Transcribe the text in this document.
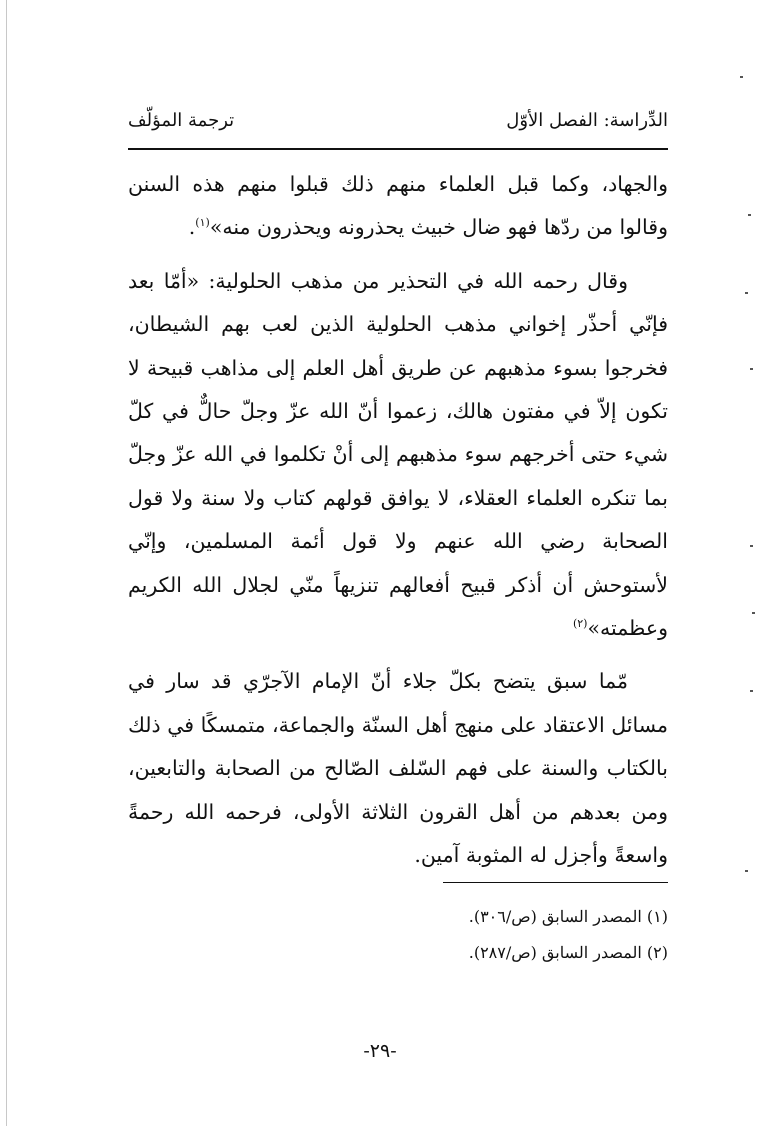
الدِّراسة: الفصل الأوّل
ترجمة المؤلّف

والجهاد، وكما قبل العلماء منهم ذلك قبلوا منهم هذه السنن وقالوا من ردّها فهو ضال خبيث يحذرونه ويحذرون منه»$^{(١)}$.

وقال رحمه الله في التحذير من مذهب الحلولية: «أمّا بعد فإنّي أحذّر إخواني مذهب الحلولية الذين لعب بهم الشيطان، فخرجوا بسوء مذهبهم عن طريق أهل العلم إلى مذاهب قبيحة لا تكون إلاّ في مفتون هالك، زعموا أنّ الله عزّ وجلّ حالٌّ في كلّ شيء حتى أخرجهم سوء مذهبهم إلى أنْ تكلموا في الله عزّ وجلّ بما تنكره العلماء العقلاء، لا يوافق قولهم كتاب ولا سنة ولا قول الصحابة رضي الله عنهم ولا قول أئمة المسلمين، وإنّي لأستوحش أن أذكر قبيح أفعالهم تنزيهاً منّي لجلال الله الكريم وعظمته»$^{(٢)}$

مّما سبق يتضح بكلّ جلاء أنّ الإمام الآجرّي قد سار في مسائل الاعتقاد على منهج أهل السنّة والجماعة، متمسكًا في ذلك بالكتاب والسنة على فهم السّلف الصّالح من الصحابة والتابعين، ومن بعدهم من أهل القرون الثلاثة الأولى، فرحمه الله رحمةً واسعةً وأجزل له المثوبة آمين.

(١) المصدر السابق (ص/٣٠٦).

(٢) المصدر السابق (ص/٢٨٧).

-٢٩-
